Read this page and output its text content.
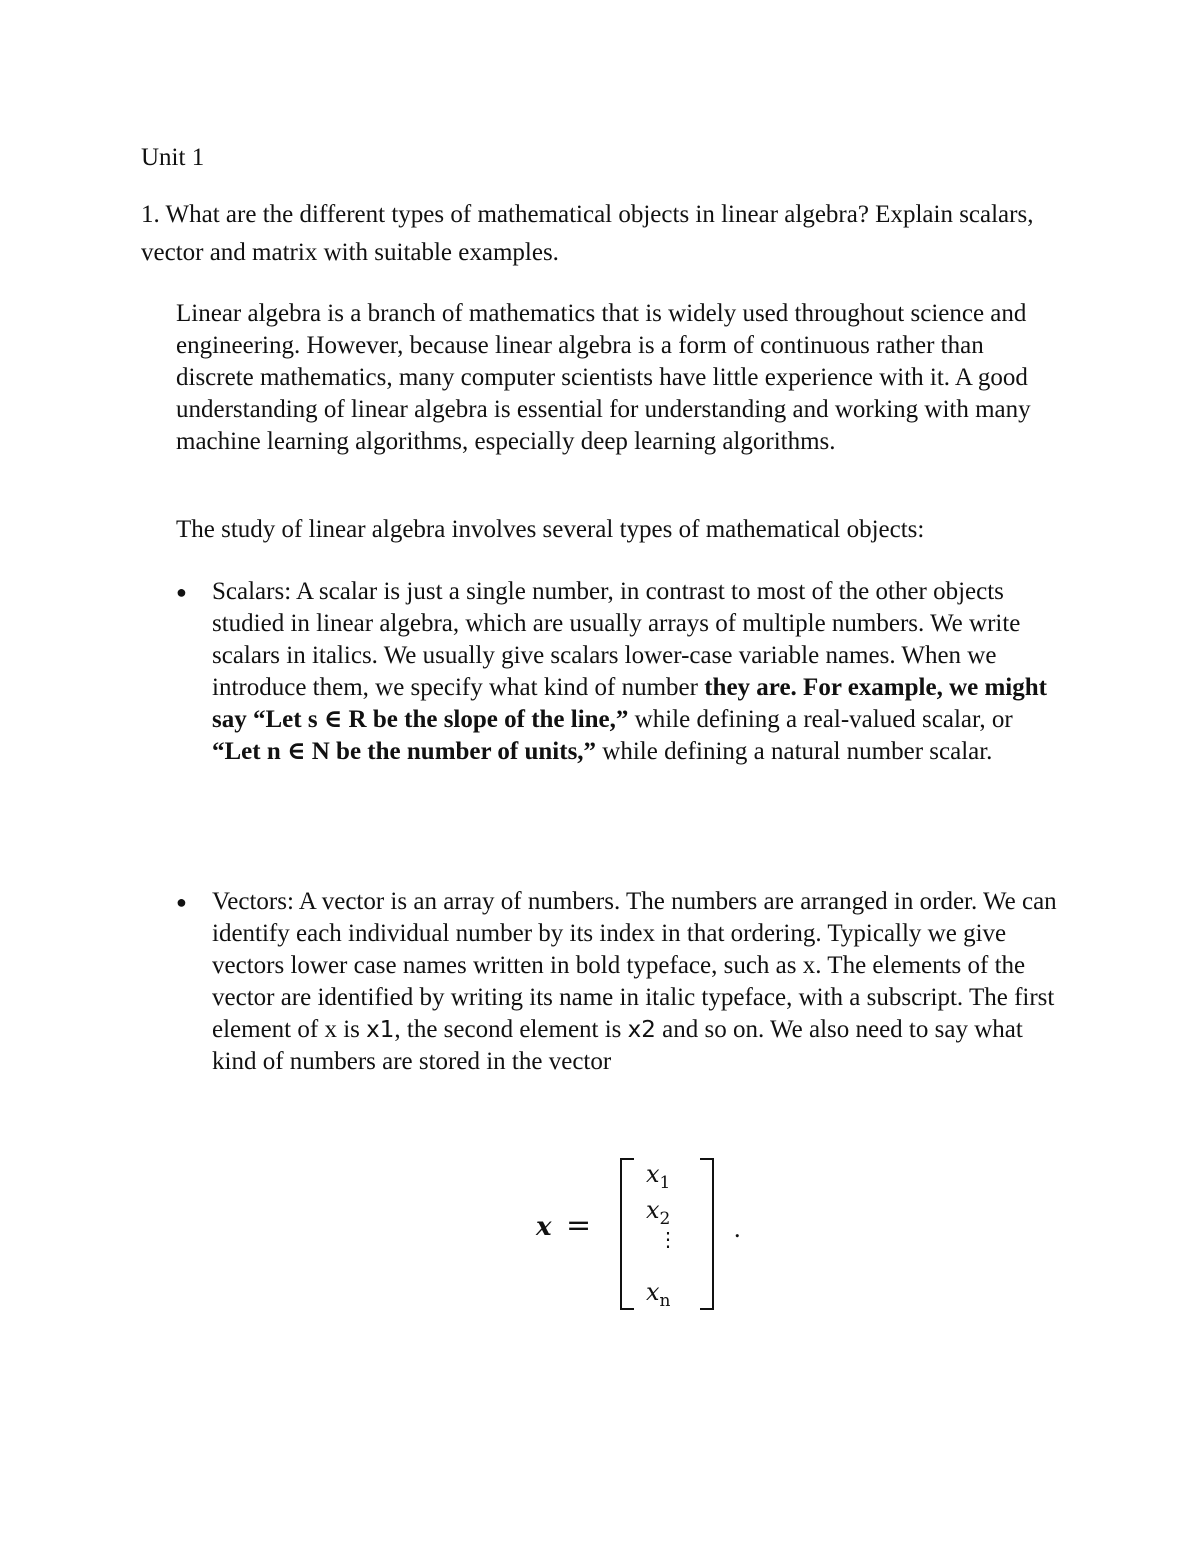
Unit 1
1. What are the different types of mathematical objects in linear algebra? Explain scalars, vector and matrix with suitable examples.
Linear algebra is a branch of mathematics that is widely used throughout science and engineering. However, because linear algebra is a form of continuous rather than discrete mathematics, many computer scientists have little experience with it. A good understanding of linear algebra is essential for understanding and working with many machine learning algorithms, especially deep learning algorithms.
The study of linear algebra involves several types of mathematical objects:
●	Scalars: A scalar is just a single number, in contrast to most of the other objects studied in linear algebra, which are usually arrays of multiple numbers. We write scalars in italics. We usually give scalars lower-case variable names. When we introduce them, we specify what kind of number they are. For example, we might say “Let s ∈ R be the slope of the line,” while defining a real-valued scalar, or “Let n ∈ N be the number of units,” while defining a natural number scalar.
●	Vectors: A vector is an array of numbers. The numbers are arranged in order. We can identify each individual number by its index in that ordering. Typically we give vectors lower case names written in bold typeface, such as x. The elements of the vector are identified by writing its name in italic typeface, with a subscript. The first element of x is x1, the second element is x2 and so on. We also need to say what kind of numbers are stored in the vector
x =
$x_1$
$x_2$
⋮
$x_n$
.
